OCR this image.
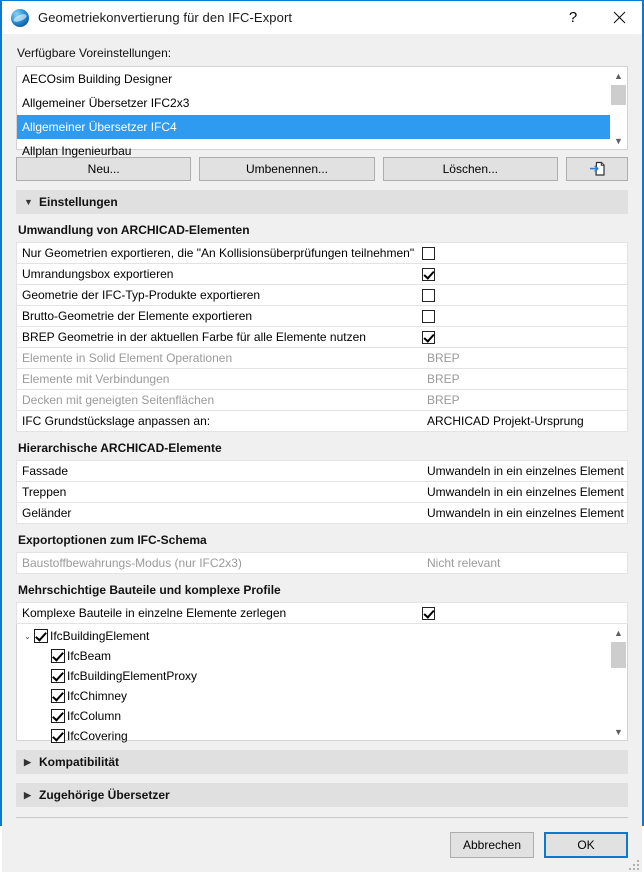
Geometriekonvertierung für den IFC-Export	?
Verfügbare Voreinstellungen:
AECOsim Building Designer
Allgemeiner Übersetzer IFC2x3
Allgemeiner Übersetzer IFC4
Allplan Ingenieurbau
▲
▼
Neu...	Umbenennen...	Löschen...
▼ Einstellungen
Umwandlung von ARCHICAD-Elementen
Nur Geometrien exportieren, die "An Kollisionsüberprüfungen teilnehmen"
Umrandungsbox exportieren
Geometrie der IFC-Typ-Produkte exportieren
Brutto-Geometrie der Elemente exportieren
BREP Geometrie in der aktuellen Farbe für alle Elemente nutzen
Elemente in Solid Element Operationen	BREP
Elemente mit Verbindungen	BREP
Decken mit geneigten Seitenflächen	BREP
IFC Grundstückslage anpassen an:	ARCHICAD Projekt-Ursprung
Hierarchische ARCHICAD-Elemente
Fassade	Umwandeln in ein einzelnes Element
Treppen	Umwandeln in ein einzelnes Element
Geländer	Umwandeln in ein einzelnes Element
Exportoptionen zum IFC-Schema
Baustoffbewahrungs-Modus (nur IFC2x3)	Nicht relevant
Mehrschichtige Bauteile und komplexe Profile
Komplexe Bauteile in einzelne Elemente zerlegen
⌄ IfcBuildingElement
IfcBeam
IfcBuildingElementProxy
IfcChimney
IfcColumn
IfcCovering
▲
▼
▶ Kompatibilität
▶ Zugehörige Übersetzer
Abbrechen	OK
